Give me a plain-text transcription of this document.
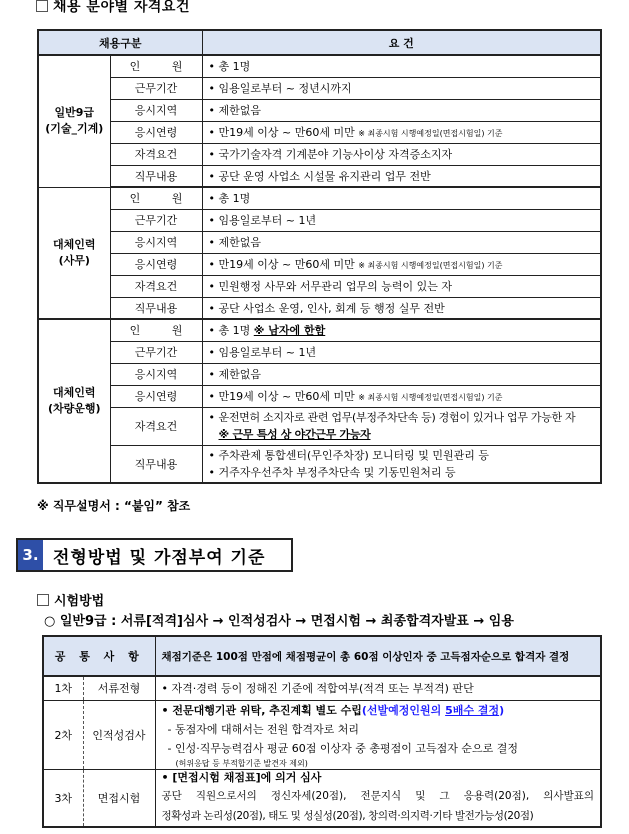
채용 분야별 자격요건
채용구분		요 건

일반9급
(기술_기계)	인 원	• 총 1명
	근무기간	• 임용일로부터 ~ 정년시까지
	응시지역	• 제한없음
	응시연령	• 만19세 이상 ~ 만60세 미만 ※ 최종시험 시행예정일(면접시험일) 기준
	자격요건	• 국가기술자격 기계분야 기능사이상 자격증소지자
	직무내용	• 공단 운영 사업소 시설물 유지관리 업무 전반

대체인력
(사무)	인 원	• 총 1명
	근무기간	• 임용일로부터 ~ 1년
	응시지역	• 제한없음
	응시연령	• 만19세 이상 ~ 만60세 미만 ※ 최종시험 시행예정일(면접시험일) 기준
	자격요건	• 민원행정 사무와 서무관리 업무의 능력이 있는 자
	직무내용	• 공단 사업소 운영, 인사, 회계 등 행정 실무 전반

대체인력
(차량운행)	인 원	• 총 1명 ※ 남자에 한함
	근무기간	• 임용일로부터 ~ 1년
	응시지역	• 제한없음
	응시연령	• 만19세 이상 ~ 만60세 미만 ※ 최종시험 시행예정일(면접시험일) 기준
	자격요건	• 운전면허 소지자로 관련 업무(부정주차단속 등) 경험이 있거나 업무 가능한 자
※ 근무 특성 상 야간근무 가능자

	직무내용	• 주차관제 통합센터(무인주차장) 모니터링 및 민원관리 등
• 거주자우선주차 부정주차단속 및 기동민원처리 등
※ 직무설명서 : “붙임” 참조
3. 전형방법 및 가점부여 기준
시험방법
○ 일반9급 : 서류[적격]심사 → 인적성검사 → 면접시험 → 최종합격자발표 → 임용
공 통 사 항		채점기준은 100점 만점에 채점평균이 총 60점 이상인자 중 고득점자순으로 합격자 결정
1차	서류전형	• 자격·경력 등이 정해진 기준에 적합여부(적격 또는 부적격) 판단

2차	인적성검사	• 전문대행기관 위탁, 추진계획 별도 수립(선발예정인원의 5배수 결정)
- 동점자에 대해서는 전원 합격자로 처리
- 인성·직무능력검사 평균 60점 이상자 중 총평점이 고득점자 순으로 결정
(허위응답 등 부적합기준 발견자 제외)

3차	면접시험	• [면접시험 채점표]에 의거 심사
공단 직원으로서의 정신자세(20점), 전문지식 및 그 응용력(20점), 의사발표의
정확성과 논리성(20점), 태도 및 성실성(20점), 창의력·의지력·기타 발전가능성(20점)
